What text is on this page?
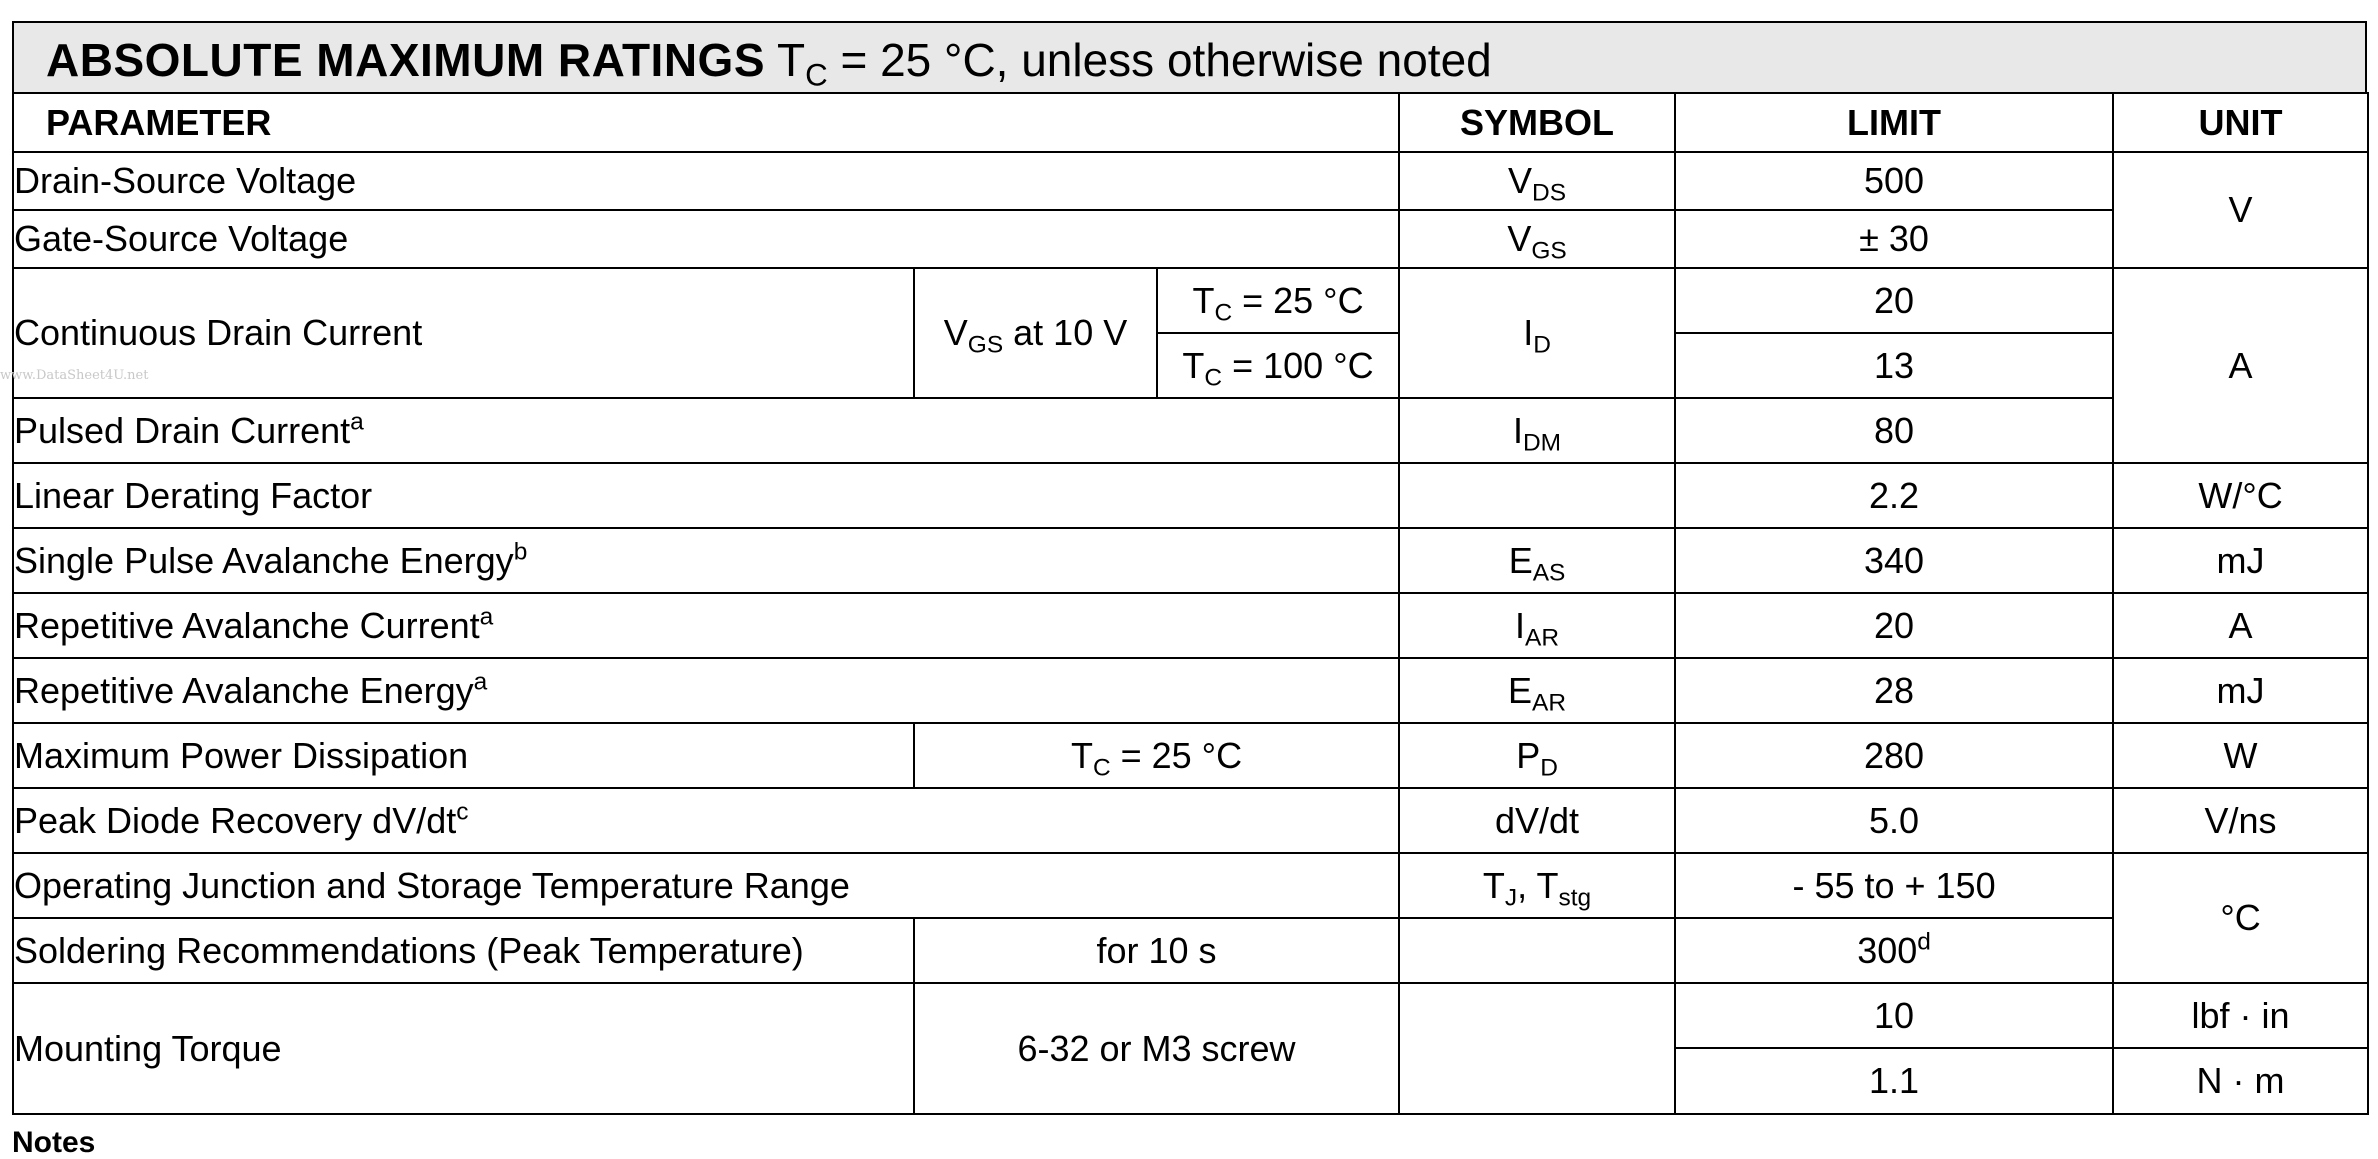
ABSOLUTE MAXIMUM RATINGS $T_C = 25$ °C, unless otherwise noted
PARAMETER			SYMBOL	LIMIT	UNIT
Drain-Source Voltage			$V_{DS}$	500	V
Gate-Source Voltage			$V_{GS}$	± 30	
Continuous Drain Current	$V_{GS}$ at 10 V	$T_C = 25$ °C	$I_D$	20	A
		$T_C = 100$ °C		13	
Pulsed Drain Current$^a$			$I_{DM}$	80	
Linear Derating Factor				2.2	W/°C
Single Pulse Avalanche Energy$^b$			$E_{AS}$	340	mJ
Repetitive Avalanche Current$^a$			$I_{AR}$	20	A
Repetitive Avalanche Energy$^a$			$E_{AR}$	28	mJ
Maximum Power Dissipation	$T_C = 25$ °C		$P_D$	280	W
Peak Diode Recovery $dV/dt^c$			dV/dt	5.0	V/ns
Operating Junction and Storage Temperature Range			$T_J$, $T_{stg}$	- 55 to + 150	°C
Soldering Recommendations (Peak Temperature)	for 10 s			300$^d$
Mounting Torque	6-32 or M3 screw			10	lbf · in
				1.1	N · m
www.DataSheet4U.net
Notes
